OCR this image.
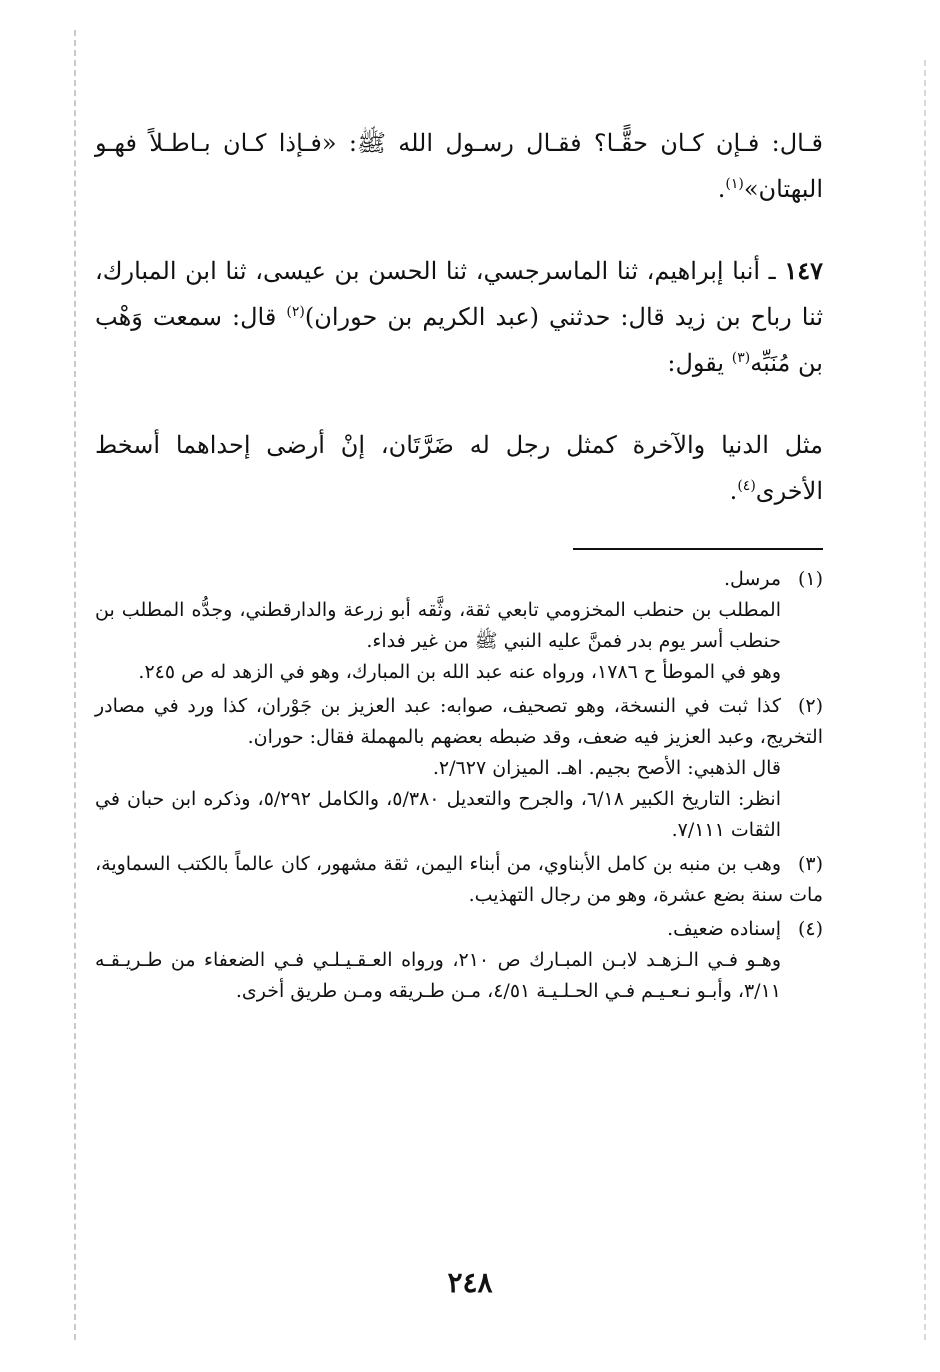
قـال: فـإن كـان حقًّـا؟ فقـال رسـول الله ﷺ: «فـإذا كـان بـاطـلاً فهـو البهتان»$^{(١)}$.

١٤٧ ـ أنبا إبراهيم، ثنا الماسرجسي، ثنا الحسن بن عيسى، ثنا ابن المبارك، ثنا رباح بن زيد قال: حدثني (عبد الكريم بن حوران)$^{(٢)}$ قال: سمعت وَهْب بن مُنَبِّه$^{(٣)}$ يقول:

مثل الدنيا والآخرة كمثل رجل له ضَرَّتَان، إنْ أرضى إحداهما أسخط الأخرى$^{(٤)}$.

(١)مرسل.

المطلب بن حنطب المخزومي تابعي ثقة، وثَّقه أبو زرعة والدارقطني، وجدُّه المطلب بن حنطب أسر يوم بدر فمنَّ عليه النبي ﷺ من غير فداء.

وهو في الموطأ ح ١٧٨٦، ورواه عنه عبد الله بن المبارك، وهو في الزهد له ص ٢٤٥.

(٢)كذا ثبت في النسخة، وهو تصحيف، صوابه: عبد العزيز بن جَوْران، كذا ورد في مصادر التخريج، وعبد العزيز فيه ضعف، وقد ضبطه بعضهم بالمهملة فقال: حوران.

قال الذهبي: الأصح بجيم. اهـ. الميزان ٢/٦٢٧.

انظر: التاريخ الكبير ٦/١٨، والجرح والتعديل ٥/٣٨٠، والكامل ٥/٢٩٢، وذكره ابن حبان في الثقات ٧/١١١.

(٣)وهب بن منبه بن كامل الأبناوي، من أبناء اليمن، ثقة مشهور، كان عالماً بالكتب السماوية، مات سنة بضع عشرة، وهو من رجال التهذيب.

(٤)إسناده ضعيف.

وهـو فـي الـزهـد لابـن المبـارك ص ٢١٠، ورواه العـقـيـلـي فـي الضعفاء من طـريـقـه ٣/١١، وأبـو نـعـيـم فـي الحـلـيـة ٤/٥١، مـن طـريقه ومـن طريق أخرى.

٢٤٨
